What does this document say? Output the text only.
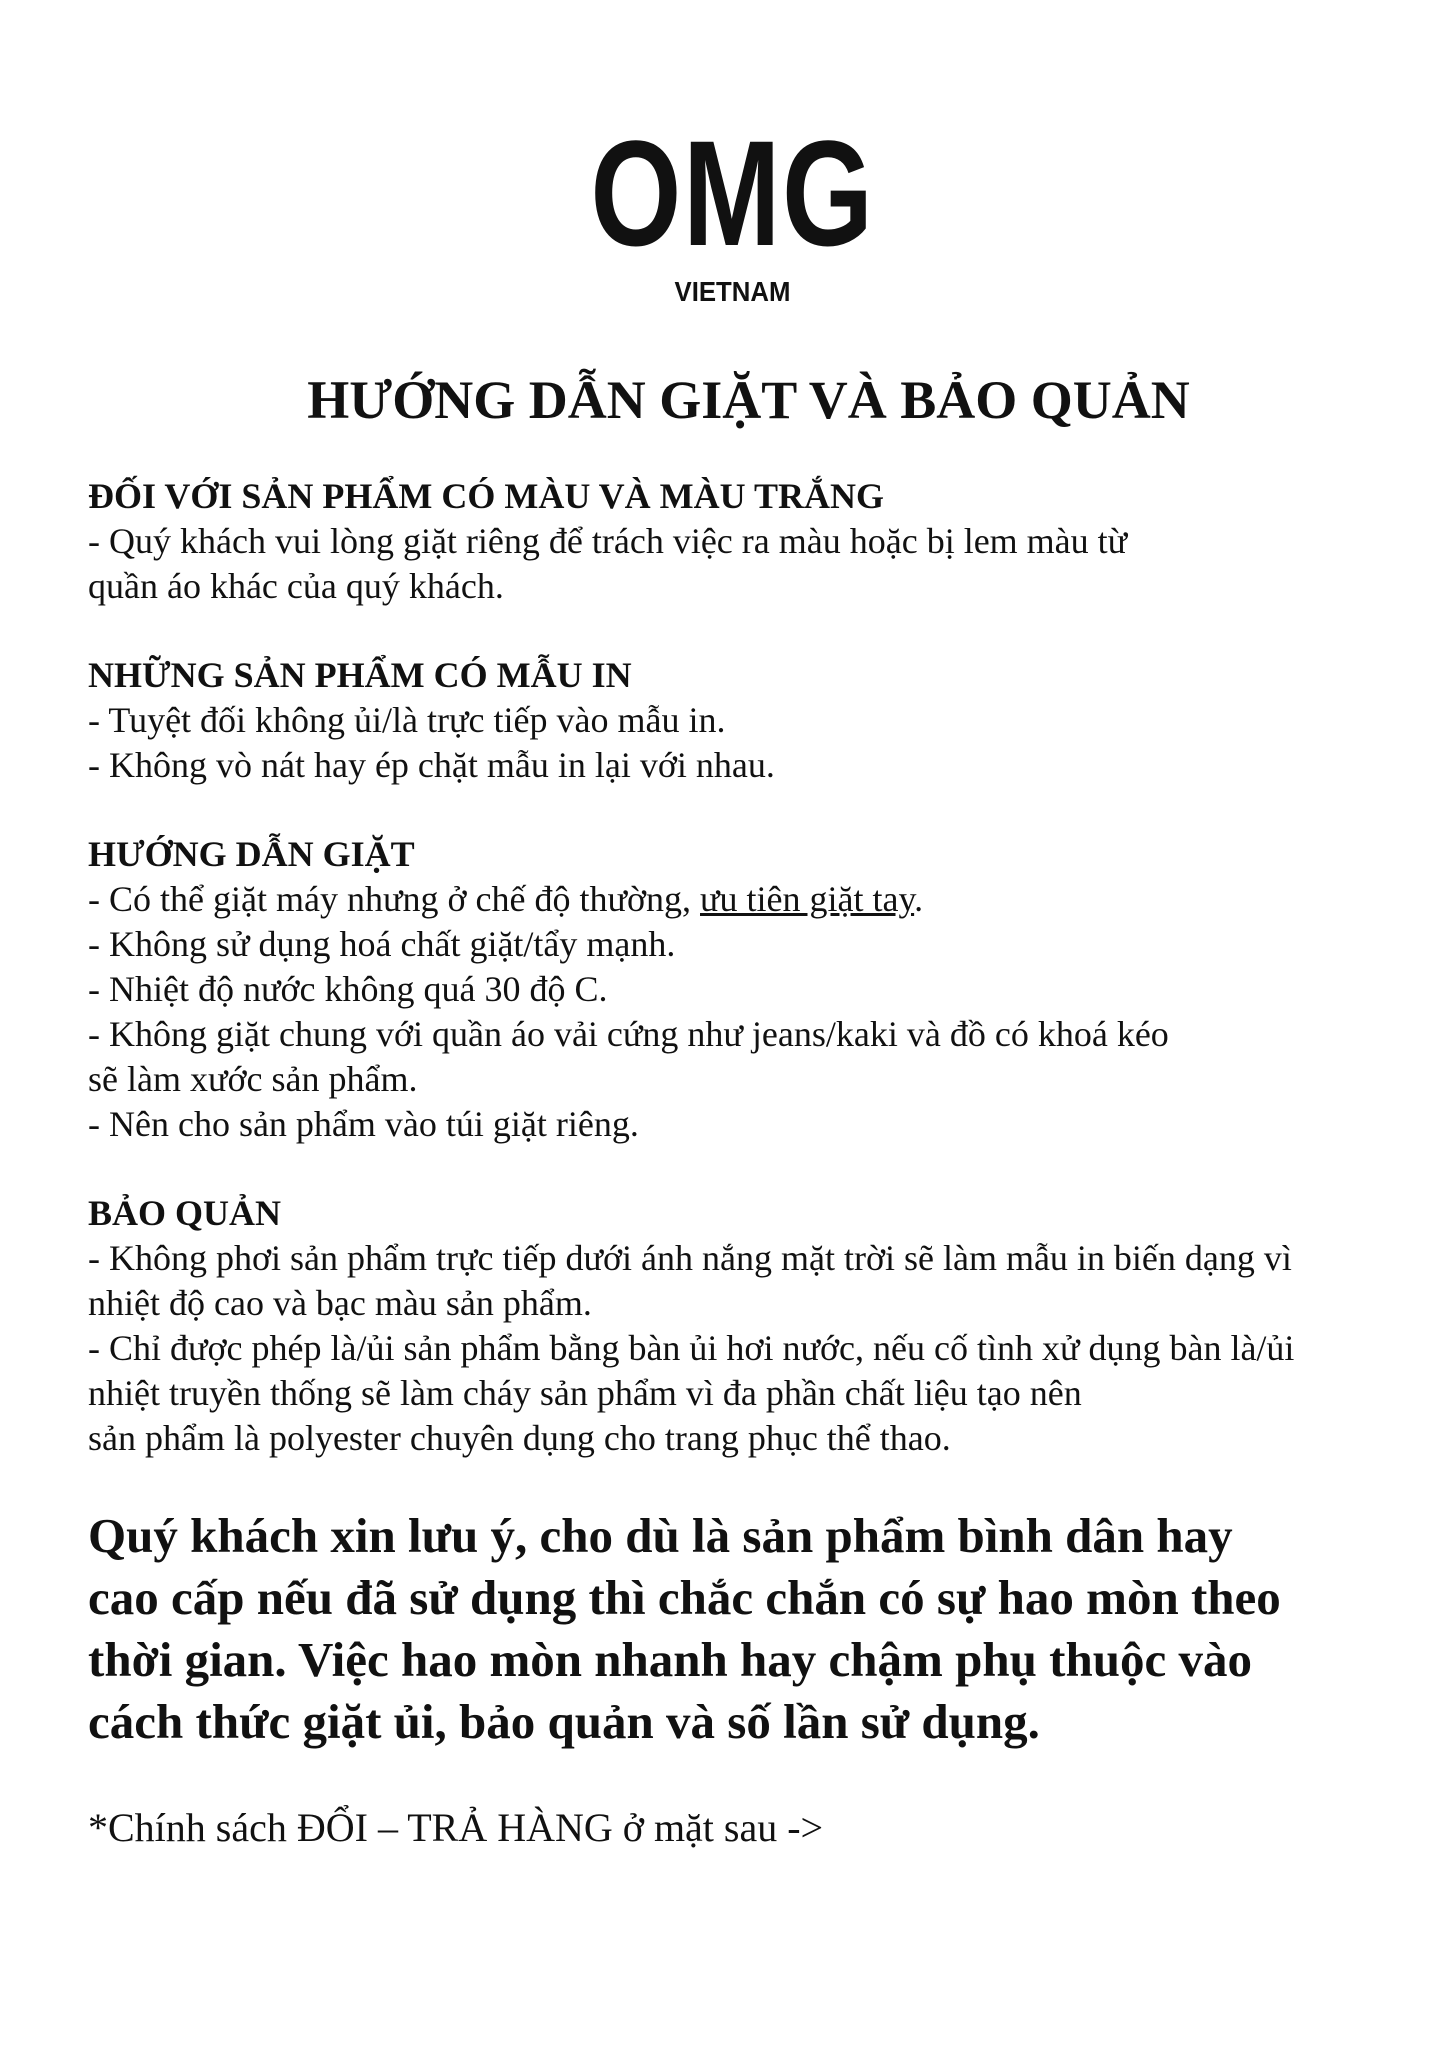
OMG
VIETNAM
HƯỚNG DẪN GIẶT VÀ BẢO QUẢN

ĐỐI VỚI SẢN PHẨM CÓ MÀU VÀ MÀU TRẮNG

- Quý khách vui lòng giặt riêng để trách việc ra màu hoặc bị lem màu từ

quần áo khác của quý khách.

NHỮNG SẢN PHẨM CÓ MẪU IN

- Tuyệt đối không ủi/là trực tiếp vào mẫu in.

- Không vò nát hay ép chặt mẫu in lại với nhau.

HƯỚNG DẪN GIẶT

- Có thể giặt máy nhưng ở chế độ thường, ưu tiên giặt tay.

- Không sử dụng hoá chất giặt/tẩy mạnh.

- Nhiệt độ nước không quá 30 độ C.

- Không giặt chung với quần áo vải cứng như jeans/kaki và đồ có khoá kéo

sẽ làm xước sản phẩm.

- Nên cho sản phẩm vào túi giặt riêng.

BẢO QUẢN

- Không phơi sản phẩm trực tiếp dưới ánh nắng mặt trời sẽ làm mẫu in biến dạng vì

nhiệt độ cao và bạc màu sản phẩm.

- Chỉ được phép là/ủi sản phẩm bằng bàn ủi hơi nước, nếu cố tình xử dụng bàn là/ủi

nhiệt truyền thống sẽ làm cháy sản phẩm vì đa phần chất liệu tạo nên

sản phẩm là polyester chuyên dụng cho trang phục thể thao.

Quý khách xin lưu ý, cho dù là sản phẩm bình dân hay
cao cấp nếu đã sử dụng thì chắc chắn có sự hao mòn theo
thời gian. Việc hao mòn nhanh hay chậm phụ thuộc vào
cách thức giặt ủi, bảo quản và số lần sử dụng.

*Chính sách ĐỔI – TRẢ HÀNG ở mặt sau ->
